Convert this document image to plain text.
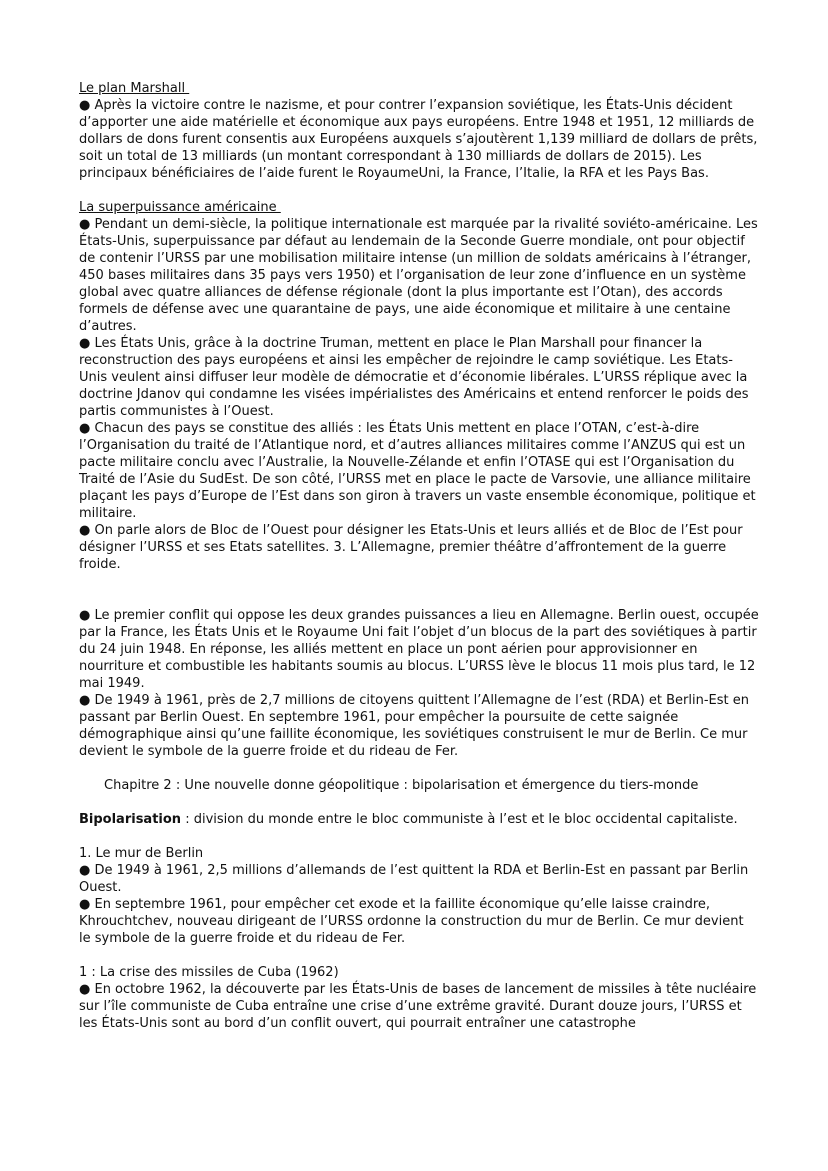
Le plan Marshall

● Après la victoire contre le nazisme, et pour contrer l’expansion soviétique, les États-Unis décident d’apporter une aide matérielle et économique aux pays européens. Entre 1948 et 1951, 12 milliards de dollars de dons furent consentis aux Européens auxquels s’ajoutèrent 1,139 milliard de dollars de prêts, soit un total de 13 milliards (un montant correspondant à 130 milliards de dollars de 2015). Les principaux bénéficiaires de l’aide furent le RoyaumeUni, la France, l’Italie, la RFA et les Pays Bas.

La superpuissance américaine

● Pendant un demi-siècle, la politique internationale est marquée par la rivalité soviéto-américaine. Les États-Unis, superpuissance par défaut au lendemain de la Seconde Guerre mondiale, ont pour objectif de contenir l’URSS par une mobilisation militaire intense (un million de soldats américains à l’étranger, 450 bases militaires dans 35 pays vers 1950) et l’organisation de leur zone d’influence en un système global avec quatre alliances de défense régionale (dont la plus importante est l’Otan), des accords formels de défense avec une quarantaine de pays, une aide économique et militaire à une centaine d’autres.

● Les États Unis, grâce à la doctrine Truman, mettent en place le Plan Marshall pour financer la reconstruction des pays européens et ainsi les empêcher de rejoindre le camp soviétique. Les Etats-Unis veulent ainsi diffuser leur modèle de démocratie et d’économie libérales. L’URSS réplique avec la doctrine Jdanov qui condamne les visées impérialistes des Américains et entend renforcer le poids des partis communistes à l’Ouest.

● Chacun des pays se constitue des alliés : les États Unis mettent en place l’OTAN, c’est-à-dire l’Organisation du traité de l’Atlantique nord, et d’autres alliances militaires comme l’ANZUS qui est un pacte militaire conclu avec l’Australie, la Nouvelle-Zélande et enfin l’OTASE qui est l’Organisation du Traité de l’Asie du SudEst. De son côté, l’URSS met en place le pacte de Varsovie, une alliance militaire plaçant les pays d’Europe de l’Est dans son giron à travers un vaste ensemble économique, politique et militaire.

● On parle alors de Bloc de l’Ouest pour désigner les Etats-Unis et leurs alliés et de Bloc de l’Est pour désigner l’URSS et ses Etats satellites. 3. L’Allemagne, premier théâtre d’affrontement de la guerre froide.

● Le premier conflit qui oppose les deux grandes puissances a lieu en Allemagne. Berlin ouest, occupée par la France, les États Unis et le Royaume Uni fait l’objet d’un blocus de la part des soviétiques à partir du 24 juin 1948. En réponse, les alliés mettent en place un pont aérien pour approvisionner en nourriture et combustible les habitants soumis au blocus. L’URSS lève le blocus 11 mois plus tard, le 12 mai 1949.

● De 1949 à 1961, près de 2,7 millions de citoyens quittent l’Allemagne de l’est (RDA) et Berlin-Est en passant par Berlin Ouest. En septembre 1961, pour empêcher la poursuite de cette saignée démographique ainsi qu’une faillite économique, les soviétiques construisent le mur de Berlin. Ce mur devient le symbole de la guerre froide et du rideau de Fer.

Chapitre 2 : Une nouvelle donne géopolitique : bipolarisation et émergence du tiers-monde

Bipolarisation : division du monde entre le bloc communiste à l’est et le bloc occidental capitaliste.

1. Le mur de Berlin

● De 1949 à 1961, 2,5 millions d’allemands de l’est quittent la RDA et Berlin-Est en passant par Berlin Ouest.

● En septembre 1961, pour empêcher cet exode et la faillite économique qu’elle laisse craindre, Khrouchtchev, nouveau dirigeant de l’URSS ordonne la construction du mur de Berlin. Ce mur devient le symbole de la guerre froide et du rideau de Fer.

1 : La crise des missiles de Cuba (1962)

● En octobre 1962, la découverte par les États-Unis de bases de lancement de missiles à tête nucléaire sur l’île communiste de Cuba entraîne une crise d’une extrême gravité. Durant douze jours, l’URSS et les États-Unis sont au bord d’un conflit ouvert, qui pourrait entraîner une catastrophe
